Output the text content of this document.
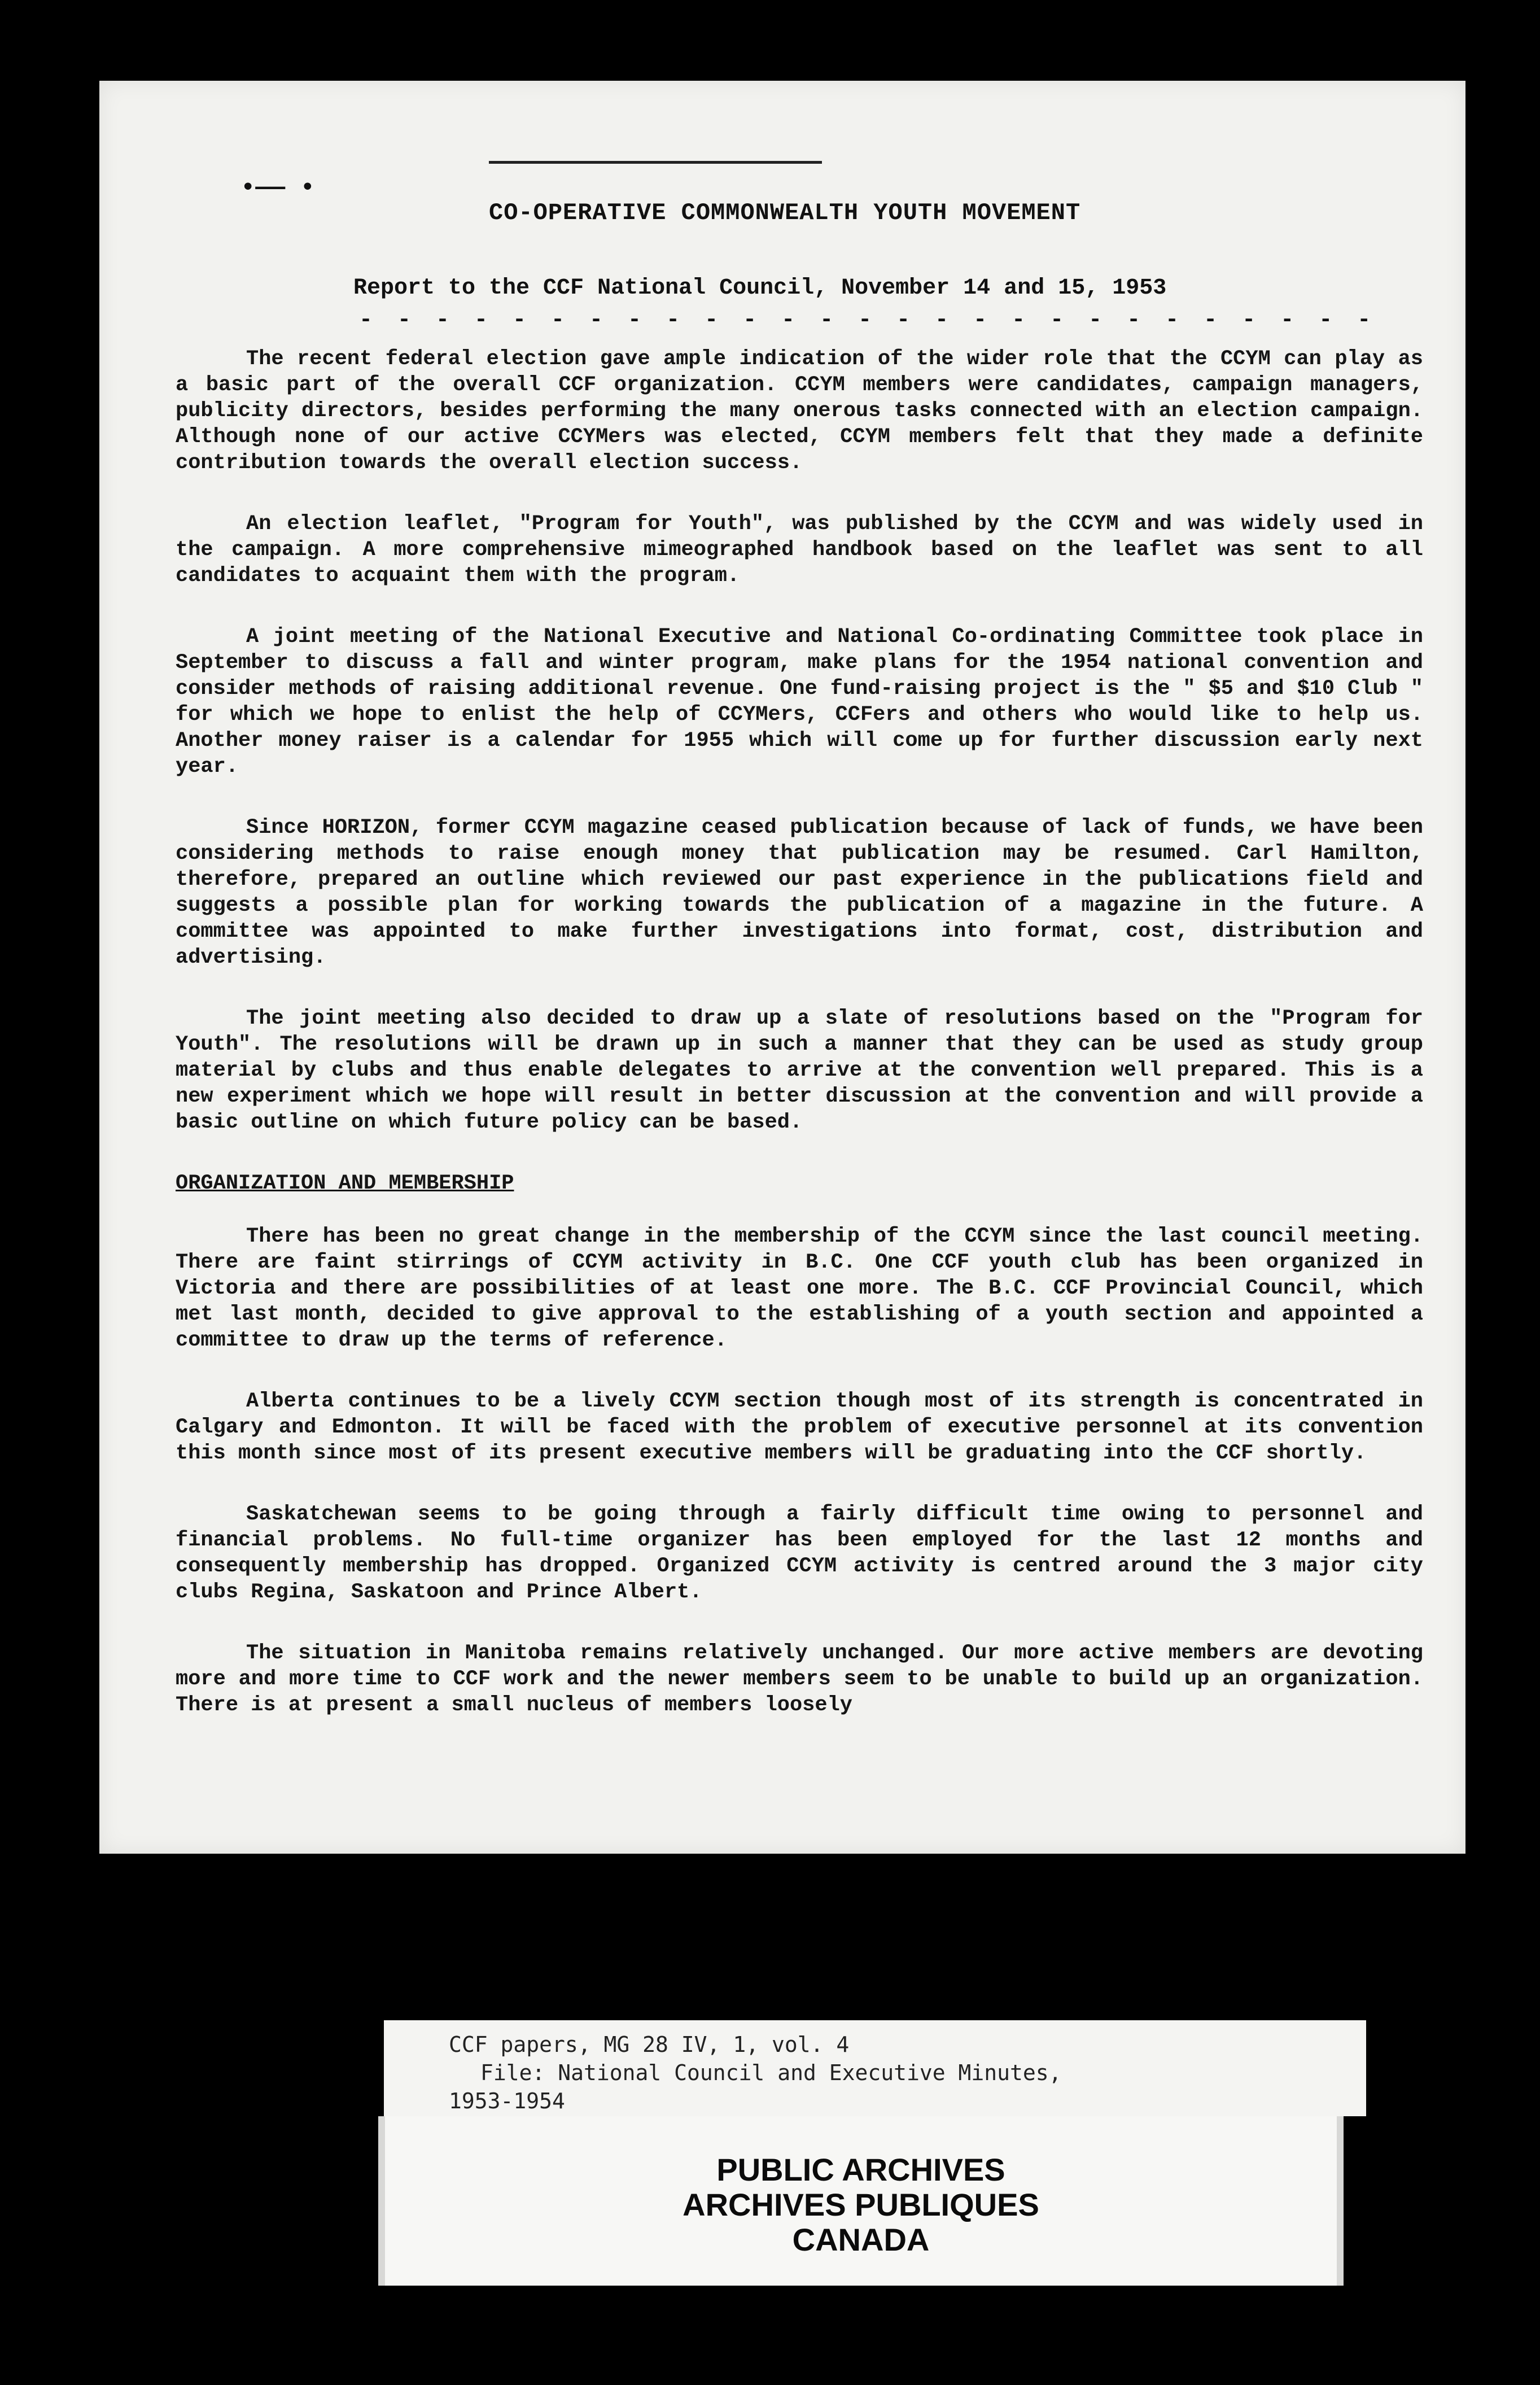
•—— •
CO-OPERATIVE COMMONWEALTH YOUTH MOVEMENT
Report to the CCF National Council, November 14 and 15, 1953
- - - - - - - - - - - - - - - - - - - - - - - - - - -

The recent federal election gave ample indication of the wider role that the CCYM can play as a basic part of the overall CCF organization. CCYM members were candidates, campaign managers, publicity directors, besides performing the many onerous tasks connected with an election campaign. Although none of our active CCYMers was elected, CCYM members felt that they made a definite contribution towards the overall election success.

An election leaflet, "Program for Youth", was published by the CCYM and was widely used in the campaign. A more comprehensive mimeographed handbook based on the leaflet was sent to all candidates to acquaint them with the program.

A joint meeting of the National Executive and National Co-ordinating Committee took place in September to discuss a fall and winter program, make plans for the 1954 national convention and consider methods of raising additional revenue. One fund-raising project is the " $5 and $10 Club " for which we hope to enlist the help of CCYMers, CCFers and others who would like to help us. Another money raiser is a calendar for 1955 which will come up for further discussion early next year.

Since HORIZON, former CCYM magazine ceased publication because of lack of funds, we have been considering methods to raise enough money that publication may be resumed. Carl Hamilton, therefore, prepared an outline which reviewed our past experience in the publications field and suggests a possible plan for working towards the publication of a magazine in the future. A committee was appointed to make further investigations into format, cost, distribution and advertising.

The joint meeting also decided to draw up a slate of resolutions based on the "Program for Youth". The resolutions will be drawn up in such a manner that they can be used as study group material by clubs and thus enable delegates to arrive at the convention well prepared. This is a new experiment which we hope will result in better discussion at the convention and will provide a basic outline on which future policy can be based.

ORGANIZATION AND MEMBERSHIP

There has been no great change in the membership of the CCYM since the last council meeting. There are faint stirrings of CCYM activity in B.C. One CCF youth club has been organized in Victoria and there are possibilities of at least one more. The B.C. CCF Provincial Council, which met last month, decided to give approval to the establishing of a youth section and appointed a committee to draw up the terms of reference.

Alberta continues to be a lively CCYM section though most of its strength is concentrated in Calgary and Edmonton. It will be faced with the problem of executive personnel at its convention this month since most of its present executive members will be graduating into the CCF shortly.

Saskatchewan seems to be going through a fairly difficult time owing to personnel and financial problems. No full-time organizer has been employed for the last 12 months and consequently membership has dropped. Organized CCYM activity is centred around the 3 major city clubs Regina, Saskatoon and Prince Albert.

The situation in Manitoba remains relatively unchanged. Our more active members are devoting more and more time to CCF work and the newer members seem to be unable to build up an organization. There is at present a small nucleus of members loosely

CCF papers, MG 28 IV, 1, vol. 4
File: National Council and Executive Minutes,
1953-1954
PUBLIC ARCHIVES
ARCHIVES PUBLIQUES
CANADA
